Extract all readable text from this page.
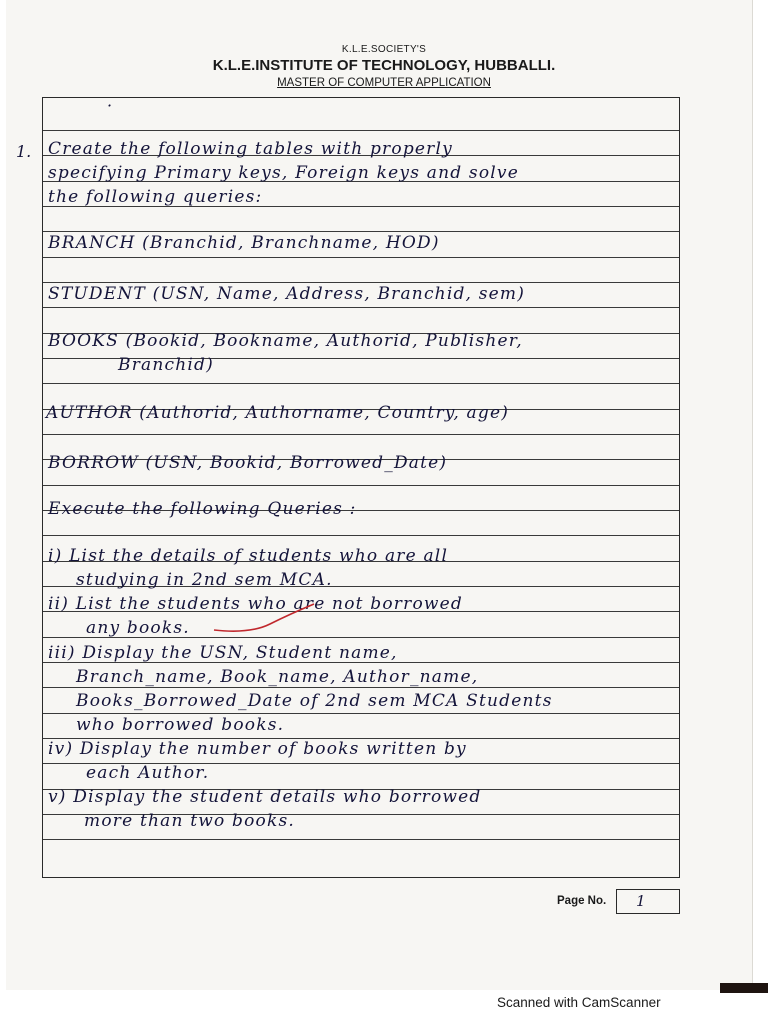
K.L.E.SOCIETY'S
K.L.E.INSTITUTE OF TECHNOLOGY, HUBBALLI.
MASTER OF COMPUTER APPLICATION
·
1. Create the following tables with properly
specifying Primary keys, Foreign keys and solve
the following queries:
BRANCH (Branchid, Branchname, HOD)
STUDENT (USN, Name, Address, Branchid, sem)
BOOKS (Bookid, Bookname, Authorid, Publisher,
Branchid)
AUTHOR (Authorid, Authorname, Country, age)
BORROW (USN, Bookid, Borrowed_Date)
Execute the following Queries :
i) List the details of students who are all
studying in 2nd sem MCA.
ii) List the students who are not borrowed
any books.
iii) Display the USN, Student name,
Branch_name, Book_name, Author_name,
Books_Borrowed_Date of 2nd sem MCA Students
who borrowed books.
iv) Display the number of books written by
each Author.
v) Display the student details who borrowed
more than two books.
Page No. 1
Scanned with CamScanner
